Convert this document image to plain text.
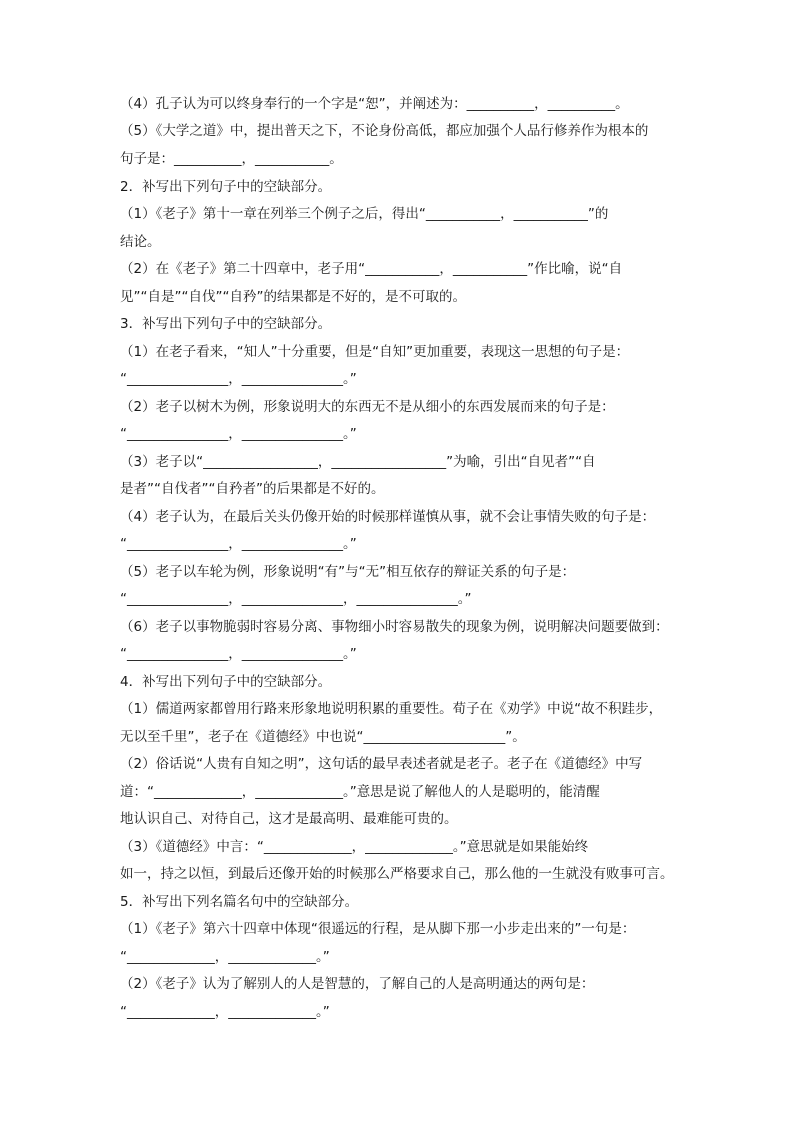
（4）孔子认为可以终身奉行的一个字是“恕”，并阐述为：__________，__________。
（5）《大学之道》中，提出普天之下，不论身份高低，都应加强个人品行修养作为根本的
句子是：__________，___________。
2．补写出下列句子中的空缺部分。
（1）《老子》第十一章在列举三个例子之后，得出“___________，___________”的
结论。
（2）在《老子》第二十四章中，老子用“___________，___________”作比喻，说“自
见”“自是”“自伐”“自矜”的结果都是不好的，是不可取的。
3．补写出下列句子中的空缺部分。
（1）在老子看来，“知人”十分重要，但是“自知”更加重要，表现这一思想的句子是：
“_______________，_______________。”
（2）老子以树木为例，形象说明大的东西无不是从细小的东西发展而来的句子是：
“_______________，_______________。”
（3）老子以“_________________，_________________”为喻，引出“自见者”“自
是者”“自伐者”“自矜者”的后果都是不好的。
（4）老子认为，在最后关头仍像开始的时候那样谨慎从事，就不会让事情失败的句子是：
“_______________，_______________。”
（5）老子以车轮为例，形象说明“有”与“无”相互依存的辩证关系的句子是：
“_______________，_______________，_______________。”
（6）老子以事物脆弱时容易分离、事物细小时容易散失的现象为例，说明解决问题要做到：
“_______________，_______________。”
4．补写出下列句子中的空缺部分。
（1）儒道两家都曾用行路来形象地说明积累的重要性。荀子在《劝学》中说“故不积跬步，
无以至千里”，老子在《道德经》中也说“_____________________”。
（2）俗话说“人贵有自知之明”，这句话的最早表述者就是老子。老子在《道德经》中写
道：“_____________，_____________。”意思是说了解他人的人是聪明的，能清醒
地认识自己、对待自己，这才是最高明、最难能可贵的。
（3）《道德经》中言：“_____________，_____________。”意思就是如果能始终
如一，持之以恒，到最后还像开始的时候那么严格要求自己，那么他的一生就没有败事可言。
5．补写出下列名篇名句中的空缺部分。
（1）《老子》第六十四章中体现“很遥远的行程，是从脚下那一小步走出来的”一句是：
“_____________，_____________。”
（2）《老子》认为了解别人的人是智慧的，了解自己的人是高明通达的两句是：
“_____________，_____________。”
